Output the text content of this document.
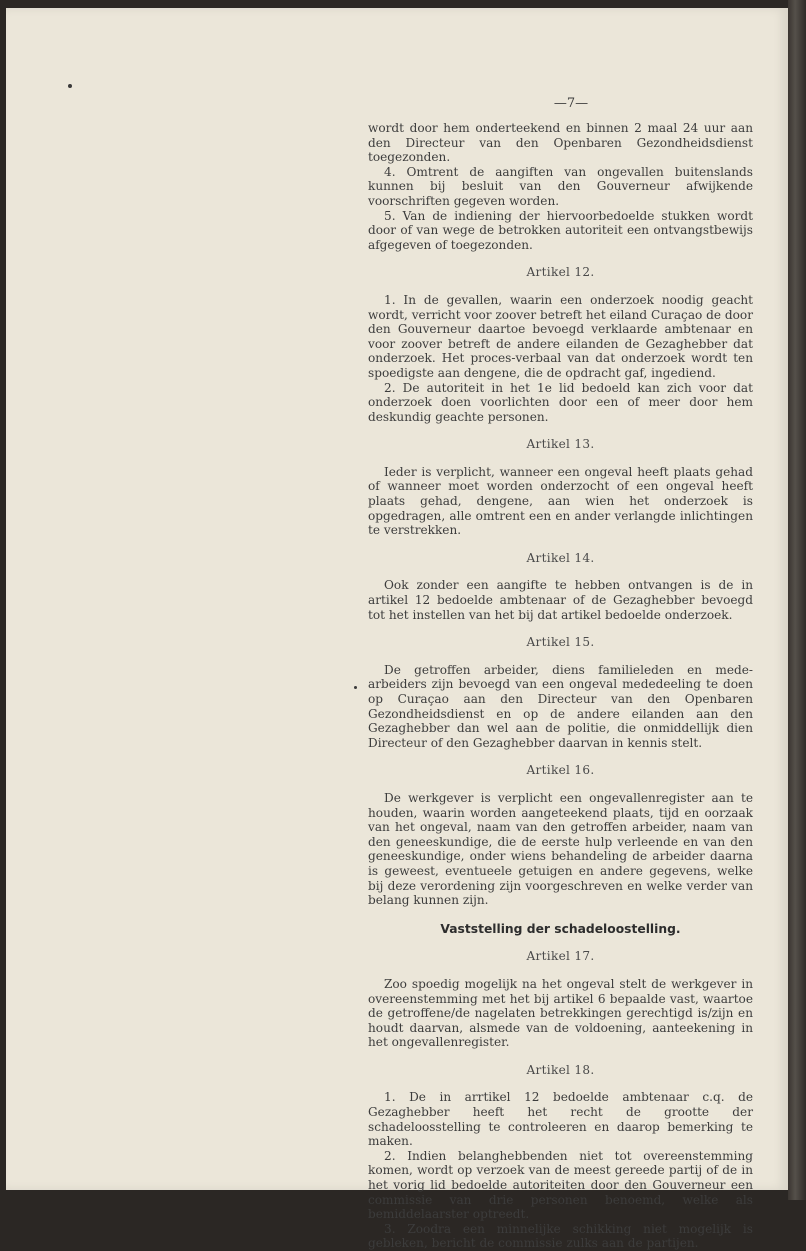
—7—

wordt door hem onderteekend en binnen 2 maal 24 uur aan den Directeur van den Openbaren Gezondheidsdienst toegezonden.

4. Omtrent de aangiften van ongevallen buitenslands kunnen bij besluit van den Gouverneur afwijkende voorschriften gegeven worden.

5. Van de indiening der hiervoorbedoelde stukken wordt door of van wege de betrokken autoriteit een ontvangstbewijs afgegeven of toegezonden.

Artikel 12.

1. In de gevallen, waarin een onderzoek noodig geacht wordt, verricht voor zoover betreft het eiland Curaçao de door den Gouverneur daartoe bevoegd verklaarde ambtenaar en voor zoover betreft de andere eilanden de Gezaghebber dat onderzoek. Het proces-verbaal van dat onderzoek wordt ten spoedigste aan dengene, die de opdracht gaf, ingediend.

2. De autoriteit in het 1e lid bedoeld kan zich voor dat onderzoek doen voorlichten door een of meer door hem deskundig geachte personen.

Artikel 13.

Ieder is verplicht, wanneer een ongeval heeft plaats gehad of wanneer moet worden onderzocht of een ongeval heeft plaats gehad, dengene, aan wien het onderzoek is opgedragen, alle omtrent een en ander verlangde inlichtingen te verstrekken.

Artikel 14.

Ook zonder een aangifte te hebben ontvangen is de in artikel 12 bedoelde ambtenaar of de Gezaghebber bevoegd tot het instellen van het bij dat artikel bedoelde onderzoek.

Artikel 15.

De getroffen arbeider, diens familieleden en mede-arbeiders zijn bevoegd van een ongeval mededeeling te doen op Curaçao aan den Directeur van den Openbaren Gezondheidsdienst en op de andere eilanden aan den Gezaghebber dan wel aan de politie, die onmiddellijk dien Directeur of den Gezaghebber daarvan in kennis stelt.

Artikel 16.

De werkgever is verplicht een ongevallenregister aan te houden, waarin worden aangeteekend plaats, tijd en oorzaak van het ongeval, naam van den getroffen arbeider, naam van den geneeskundige, die de eerste hulp verleende en van den geneeskundige, onder wiens behandeling de arbeider daarna is geweest, eventueele getuigen en andere gegevens, welke bij deze verordening zijn voorgeschreven en welke verder van belang kunnen zijn.

Vaststelling der schadeloostelling.
Artikel 17.

Zoo spoedig mogelijk na het ongeval stelt de werkgever in overeenstemming met het bij artikel 6 bepaalde vast, waartoe de getroffene/de nagelaten betrekkingen gerechtigd is/zijn en houdt daarvan, alsmede van de voldoening, aanteekening in het ongevallenregister.

Artikel 18.

1. De in arrtikel 12 bedoelde ambtenaar c.q. de Gezaghebber heeft het recht de grootte der schadeloosstelling te controleeren en daarop bemerking te maken.

2. Indien belanghebbenden niet tot overeenstemming komen, wordt op verzoek van de meest gereede partij of de in het vorig lid bedoelde autoriteiten door den Gouverneur een commissie van drie personen benoemd, welke als bemiddelaarster optreedt.

3. Zoodra een minnelijke schikking niet mogelijk is gebleken, bericht de commissie zulks aan de partijen.
